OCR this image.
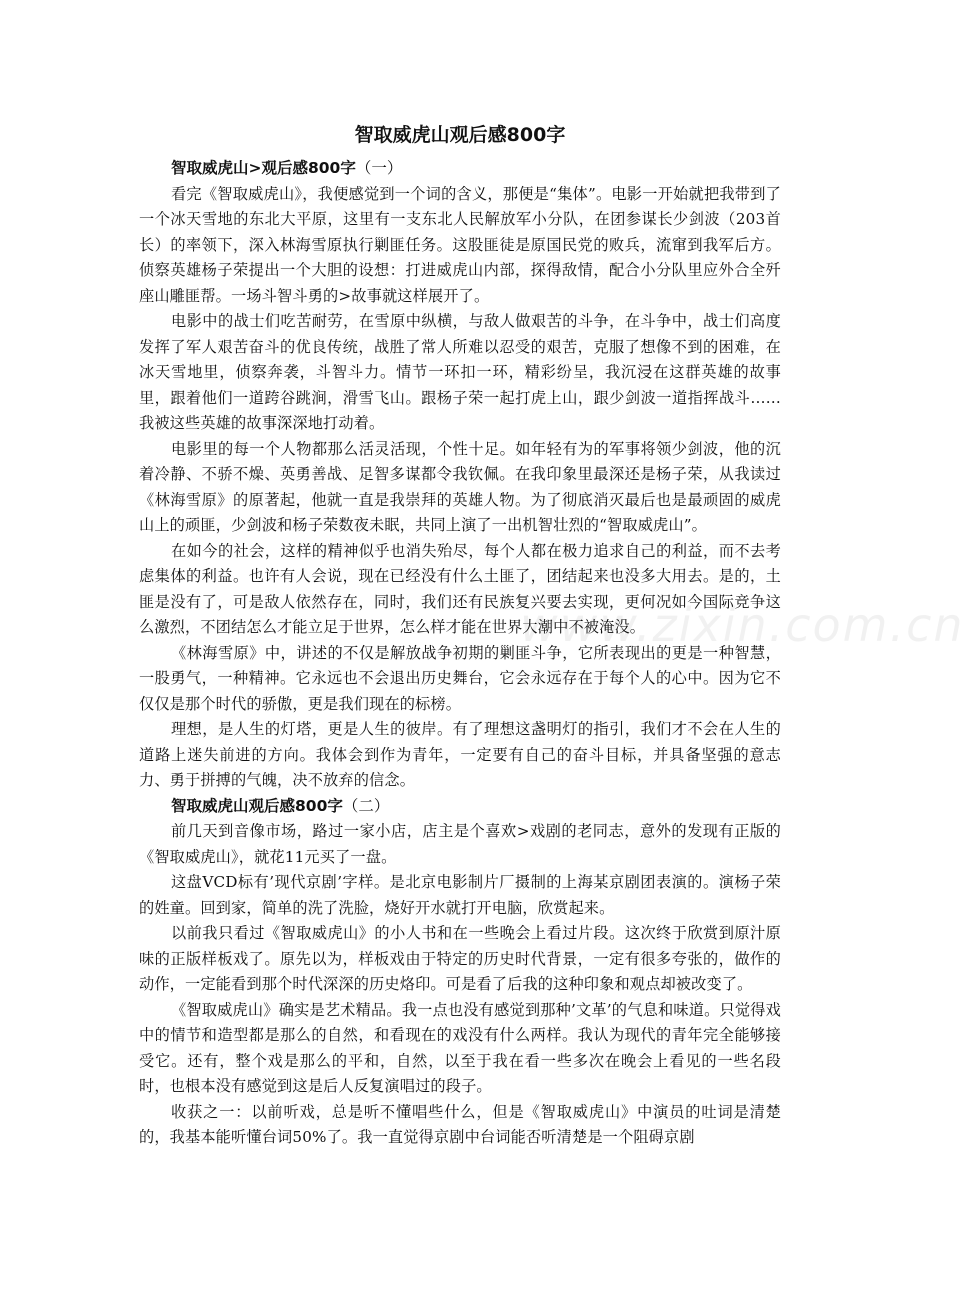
www.zixin.com.cn
智取威虎山观后感800字
智取威虎山>观后感800字（一）

看完《智取威虎山》，我便感觉到一个词的含义，那便是“集体”。电影一开始就把我带到了一个冰天雪地的东北大平原，这里有一支东北人民解放军小分队，在团参谋长少剑波（203首长）的率领下，深入林海雪原执行剿匪任务。这股匪徒是原国民党的败兵，流窜到我军后方。侦察英雄杨子荣提出一个大胆的设想：打进威虎山内部，探得敌情，配合小分队里应外合全歼座山雕匪帮。一场斗智斗勇的>故事就这样展开了。

电影中的战士们吃苦耐劳，在雪原中纵横，与敌人做艰苦的斗争，在斗争中，战士们高度发挥了军人艰苦奋斗的优良传统，战胜了常人所难以忍受的艰苦，克服了想像不到的困难，在冰天雪地里，侦察奔袭，斗智斗力。情节一环扣一环，精彩纷呈，我沉浸在这群英雄的故事里，跟着他们一道跨谷跳涧，滑雪飞山。跟杨子荣一起打虎上山，跟少剑波一道指挥战斗……我被这些英雄的故事深深地打动着。

电影里的每一个人物都那么活灵活现，个性十足。如年轻有为的军事将领少剑波，他的沉着冷静、不骄不燥、英勇善战、足智多谋都令我钦佩。在我印象里最深还是杨子荣，从我读过《林海雪原》的原著起，他就一直是我崇拜的英雄人物。为了彻底消灭最后也是最顽固的威虎山上的顽匪，少剑波和杨子荣数夜未眠，共同上演了一出机智壮烈的“智取威虎山”。

在如今的社会，这样的精神似乎也消失殆尽，每个人都在极力追求自己的利益，而不去考虑集体的利益。也许有人会说，现在已经没有什么土匪了，团结起来也没多大用去。是的，土匪是没有了，可是敌人依然存在，同时，我们还有民族复兴要去实现，更何况如今国际竞争这么激烈，不团结怎么才能立足于世界，怎么样才能在世界大潮中不被淹没。

《林海雪原》中，讲述的不仅是解放战争初期的剿匪斗争，它所表现出的更是一种智慧，一股勇气，一种精神。它永远也不会退出历史舞台，它会永远存在于每个人的心中。因为它不仅仅是那个时代的骄傲，更是我们现在的标榜。

理想，是人生的灯塔，更是人生的彼岸。有了理想这盏明灯的指引，我们才不会在人生的道路上迷失前进的方向。我体会到作为青年，一定要有自己的奋斗目标，并具备坚强的意志力、勇于拼搏的气魄，决不放弃的信念。

智取威虎山观后感800字（二）

前几天到音像市场，路过一家小店，店主是个喜欢>戏剧的老同志，意外的发现有正版的《智取威虎山》，就花11元买了一盘。

这盘VCD标有’现代京剧’字样。是北京电影制片厂摄制的上海某京剧团表演的。演杨子荣的姓童。回到家，简单的洗了洗脸，烧好开水就打开电脑，欣赏起来。

以前我只看过《智取威虎山》的小人书和在一些晚会上看过片段。这次终于欣赏到原汁原味的正版样板戏了。原先以为，样板戏由于特定的历史时代背景，一定有很多夸张的，做作的动作，一定能看到那个时代深深的历史烙印。可是看了后我的这种印象和观点却被改变了。

《智取威虎山》确实是艺术精品。我一点也没有感觉到那种’文革’的气息和味道。只觉得戏中的情节和造型都是那么的自然，和看现在的戏没有什么两样。我认为现代的青年完全能够接受它。还有，整个戏是那么的平和，自然，以至于我在看一些多次在晚会上看见的一些名段时，也根本没有感觉到这是后人反复演唱过的段子。

收获之一：以前听戏，总是听不懂唱些什么，但是《智取威虎山》中演员的吐词是清楚的，我基本能听懂台词50%了。我一直觉得京剧中台词能否听清楚是一个阻碍京剧
